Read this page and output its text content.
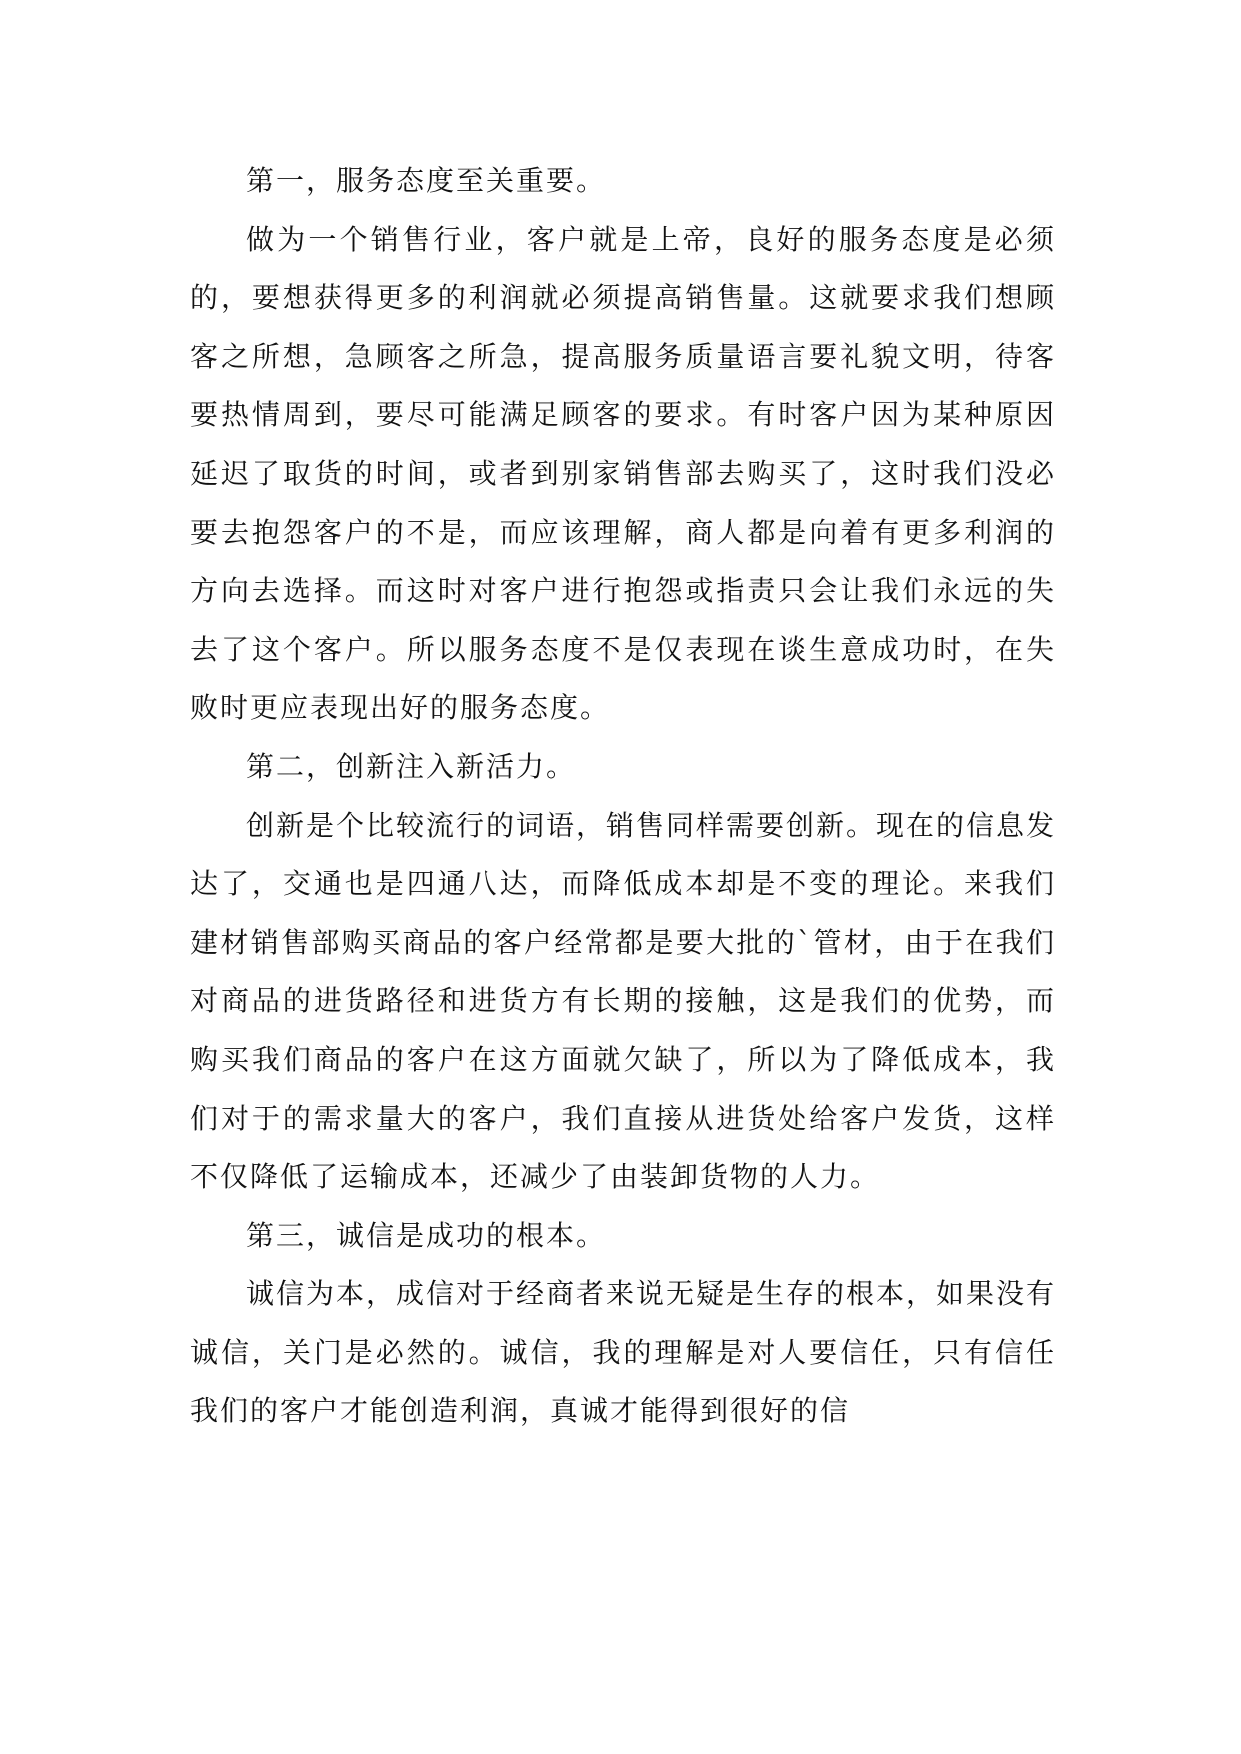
第一，服务态度至关重要。

做为一个销售行业，客户就是上帝，良好的服务态度是必须的，要想获得更多的利润就必须提高销售量。这就要求我们想顾客之所想，急顾客之所急，提高服务质量语言要礼貌文明，待客要热情周到，要尽可能满足顾客的要求。有时客户因为某种原因延迟了取货的时间，或者到别家销售部去购买了，这时我们没必要去抱怨客户的不是，而应该理解，商人都是向着有更多利润的方向去选择。而这时对客户进行抱怨或指责只会让我们永远的失去了这个客户。所以服务态度不是仅表现在谈生意成功时，在失败时更应表现出好的服务态度。

第二，创新注入新活力。

创新是个比较流行的词语，销售同样需要创新。现在的信息发达了，交通也是四通八达，而降低成本却是不变的理论。来我们建材销售部购买商品的客户经常都是要大批的`管材，由于在我们对商品的进货路径和进货方有长期的接触，这是我们的优势，而购买我们商品的客户在这方面就欠缺了，所以为了降低成本，我们对于的需求量大的客户，我们直接从进货处给客户发货，这样不仅降低了运输成本，还减少了由装卸货物的人力。

第三，诚信是成功的根本。

诚信为本，成信对于经商者来说无疑是生存的根本，如果没有诚信，关门是必然的。诚信，我的理解是对人要信任，只有信任我们的客户才能创造利润，真诚才能得到很好的信
